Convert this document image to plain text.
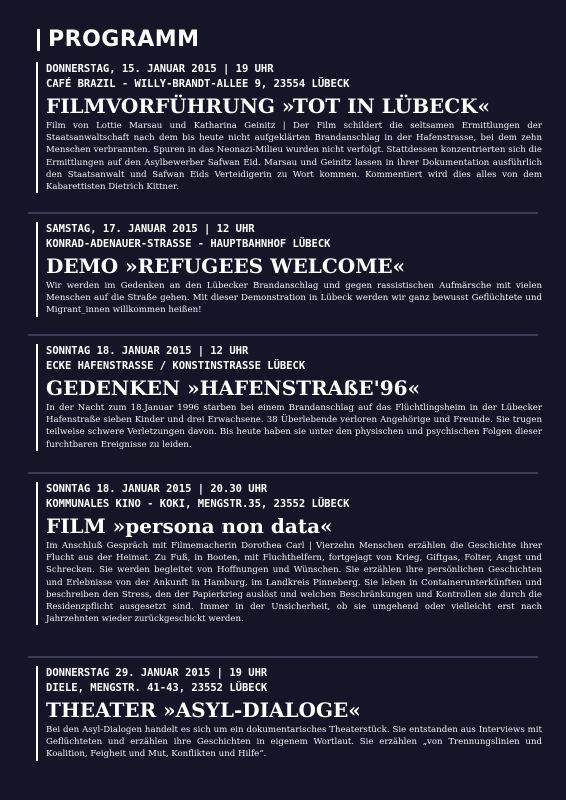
PROGRAMM
DONNERSTAG, 15. JANUAR 2015 | 19 UHR
CAFÉ BRAZIL - WILLY-BRANDT-ALLEE 9, 23554 LÜBECK
FILMVORFÜHRUNG »TOT IN LÜBECK«
Film von Lottie Marsau und Katharina Geinitz | Der Film schildert die seltsamen Ermittlungen der Staatsanwaltschaft nach dem bis heute nicht aufgeklärten Brandanschlag in der Hafenstrasse, bei dem zehn Menschen verbrannten. Spuren in das Neonazi-Milieu wurden nicht verfolgt. Stattdessen konzentrierten sich die Ermittlungen auf den Asylbewerber Safwan Eid. Marsau und Geinitz lassen in ihrer Dokumentation ausführlich den Staatsanwalt und Safwan Eids Verteidigerin zu Wort kommen. Kommentiert wird dies alles von dem Kabarettisten Dietrich Kittner.
SAMSTAG, 17. JANUAR 2015 | 12 UHR
KONRAD-ADENAUER-STRASSE - HAUPTBAHNHOF LÜBECK
DEMO »REFUGEES WELCOME«
Wir werden im Gedenken an den Lübecker Brandanschlag und gegen rassistischen Aufmärsche mit vielen Menschen auf die Straße gehen. Mit dieser Demonstration in Lübeck werden wir ganz bewusst Geflüchtete und Migrant_innen willkommen heißen!
SONNTAG 18. JANUAR 2015 | 12 UHR
ECKE HAFENSTRASSE / KONSTINSTRASSE LÜBECK
GEDENKEN »HAFENSTRAßE'96«
In der Nacht zum 18.Januar 1996 starben bei einem Brandanschlag auf das Flüchtlingsheim in der Lübecker Hafenstraße sieben Kinder und drei Erwachsene. 38 Überlebende verloren Angehörige und Freunde. Sie trugen teilweise schwere Verletzungen davon. Bis heute haben sie unter den physischen und psychischen Folgen dieser furchtbaren Ereignisse zu leiden.
SONNTAG 18. JANUAR 2015 | 20.30 UHR
KOMMUNALES KINO - KOKI, MENGSTR.35, 23552 LÜBECK
FILM »persona non data«
Im Anschluß Gespräch mit Filmemacherin Dorothea Carl | Vierzehn Menschen erzählen die Geschichte ihrer Flucht aus der Heimat. Zu Fuß, in Booten, mit Fluchthelfern, fortgejagt von Krieg, Giftgas, Folter, Angst und Schrecken. Sie werden begleitet von Hoffnungen und Wünschen. Sie erzählen ihre persönlichen Geschichten und Erlebnisse von der Ankunft in Hamburg, im Landkreis Pinneberg. Sie leben in Containerunterkünften und beschreiben den Stress, den der Papierkrieg auslöst und welchen Beschränkungen und Kontrollen sie durch die Residenzpflicht ausgesetzt sind. Immer in der Unsicherheit, ob sie umgehend oder vielleicht erst nach Jahrzehnten wieder zurückgeschickt werden.
DONNERSTAG 29. JANUAR 2015 | 19 UHR
DIELE, MENGSTR. 41-43, 23552 LÜBECK
THEATER »ASYL-DIALOGE«
Bei den Asyl-Dialogen handelt es sich um ein dokumentarisches Theaterstück. Sie entstanden aus Interviews mit Geflüchteten und erzählen ihre Geschichten in eigenem Wortlaut. Sie erzählen „von Trennungslinien und Koalition, Feigheit und Mut, Konflikten und Hilfe“.
